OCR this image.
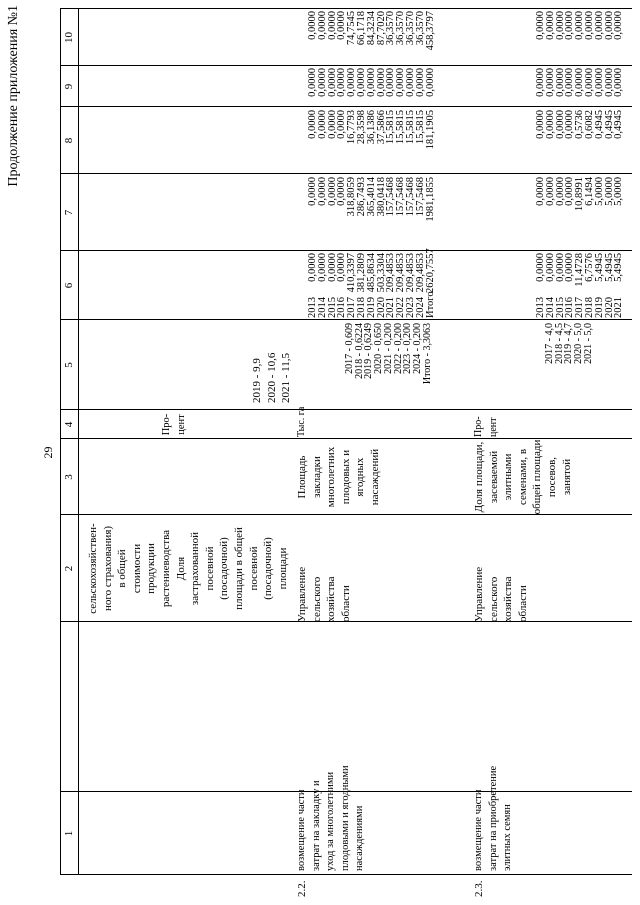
29
Продолжение приложения №1
1
2
3
4
5
6
7
8
9
10
сельскохозяйствен-
ного страхования)
в общей
стоимости
продукции
растениеводства
Доля
застрахованной
посевной
(посадочной)
площади в общей
посевной
(посадочной)
площади
Про-
цент
2019 - 9,9
2020 - 10,6
2021 - 11,5
2.2.
возмещение части
затрат на закладку и
уход за многолетними
плодовыми и ягодными
насаждениями
Управление
сельского
хозяйства
области
Площадь
закладки
многолетних
плодовых и
ягодных
насаждений
Тыс. га
2017 - 0,609
2018 - 0,6224
2019 - 0,6249
2020 - 0,650
2021 - 0,200
2022 - 0,200
2023 - 0,200
2024 - 0,200
Итого - 3,3063
2013
2014
2015
2016
2017
2018
2019
2020
2021
2022
2023
2024
Итого
0,0000
0,0000
0,0000
0,0000
410,3397
381,2809
485,8634
503,3304
209,4853
209,4853
209,4853
209,4853
2620,7557
0,0000
0,0000
0,0000
0,0000
318,8059
286,7493
365,4014
380,0418
157,5468
157,5468
157,5468
157,5468
1981,1855
0,0000
0,0000
0,0000
0,0000
16,7793
28,3598
36,1386
37,5866
15,5815
15,5815
15,5815
15,5815
181,1905
0,0000
0,0000
0,0000
0,0000
0,0000
0,0000
0,0000
0,0000
0,0000
0,0000
0,0000
0,0000
0,0000
0,0000
0,0000
0,0000
0,0000
74,7545
66,1718
84,3234
87,7020
36,3570
36,3570
36,3570
36,3570
458,3797
2.3.
возмещение части
затрат на приобретение
элитных семян
Управление
сельского
хозяйства
области
Доля площади,
засеваемой
элитными
семенами, в
общей площади
посевов,
занятой
Про-
цент
2017 - 4,0
2018 - 4,5
2019 - 4,7
2020 - 5,0
2021 - 5,0
2013
2014
2015
2016
2017
2018
2019
2020
2021
0,0000
0,0000
0,0000
0,0000
11,4728
6,7576
5,4945
5,4945
5,4945
0,0000
0,0000
0,0000
0,0000
10,8991
6,1494
5,0000
5,0000
5,0000
0,0000
0,0000
0,0000
0,0000
0,5736
0,6082
0,4945
0,4945
0,4945
0,0000
0,0000
0,0000
0,0000
0,0000
0,0000
0,0000
0,0000
0,0000
0,0000
0,0000
0,0000
0,0000
0,0000
0,0000
0,0000
0,0000
0,0000
